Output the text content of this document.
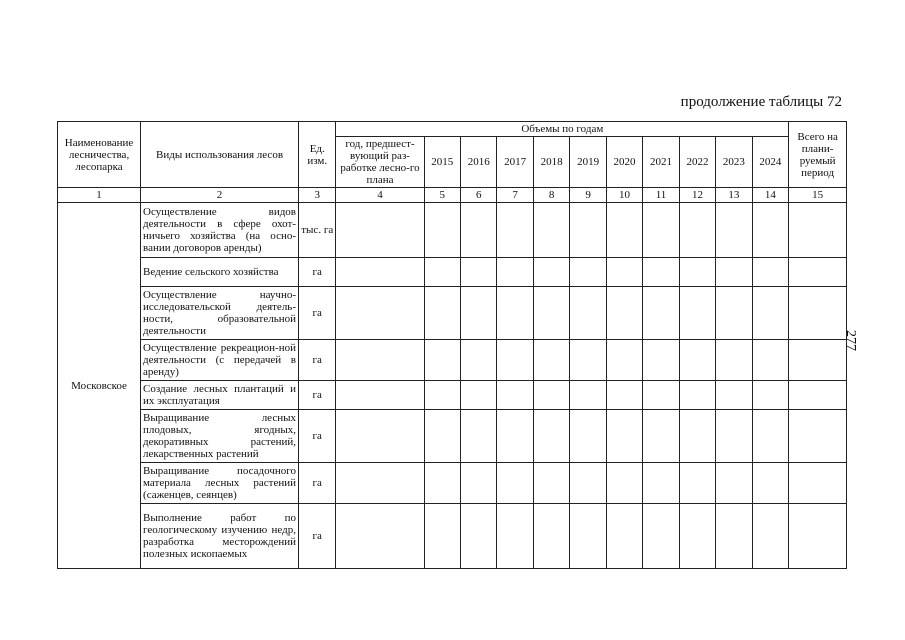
продолжение таблицы 72
277
Наименование лесничества, лесопарка	Виды использования лесов	Ед. изм.	Объемы по годам											Всего на плани-руемый период
			год, предшест-вующий раз-работке лесно-го плана	2015	2016	2017	2018	2019	2020	2021	2022	2023	2024	
1	2	3	4	5	6	7	8	9	10	11	12	13	14	15
Московское	Осуществление видов деятельности в сфере охот-ничьего хозяйства (на осно-вании договоров аренды)	тыс. га												
	Ведение сельского хозяйства	га												
	Осуществление научно-исследовательской деятель-ности, образовательной деятельности	га												
	Осуществление рекреацион-ной деятельности (с передачей в аренду)	га												
	Создание лесных плантаций и их эксплуатация	га												
	Выращивание лесных плодовых, ягодных, декоративных растений, лекарственных растений	га												
	Выращивание посадочного материала лесных растений (саженцев, сеянцев)	га												
	Выполнение работ по геологическому изучению недр, разработка месторождений полезных ископаемых	га												
